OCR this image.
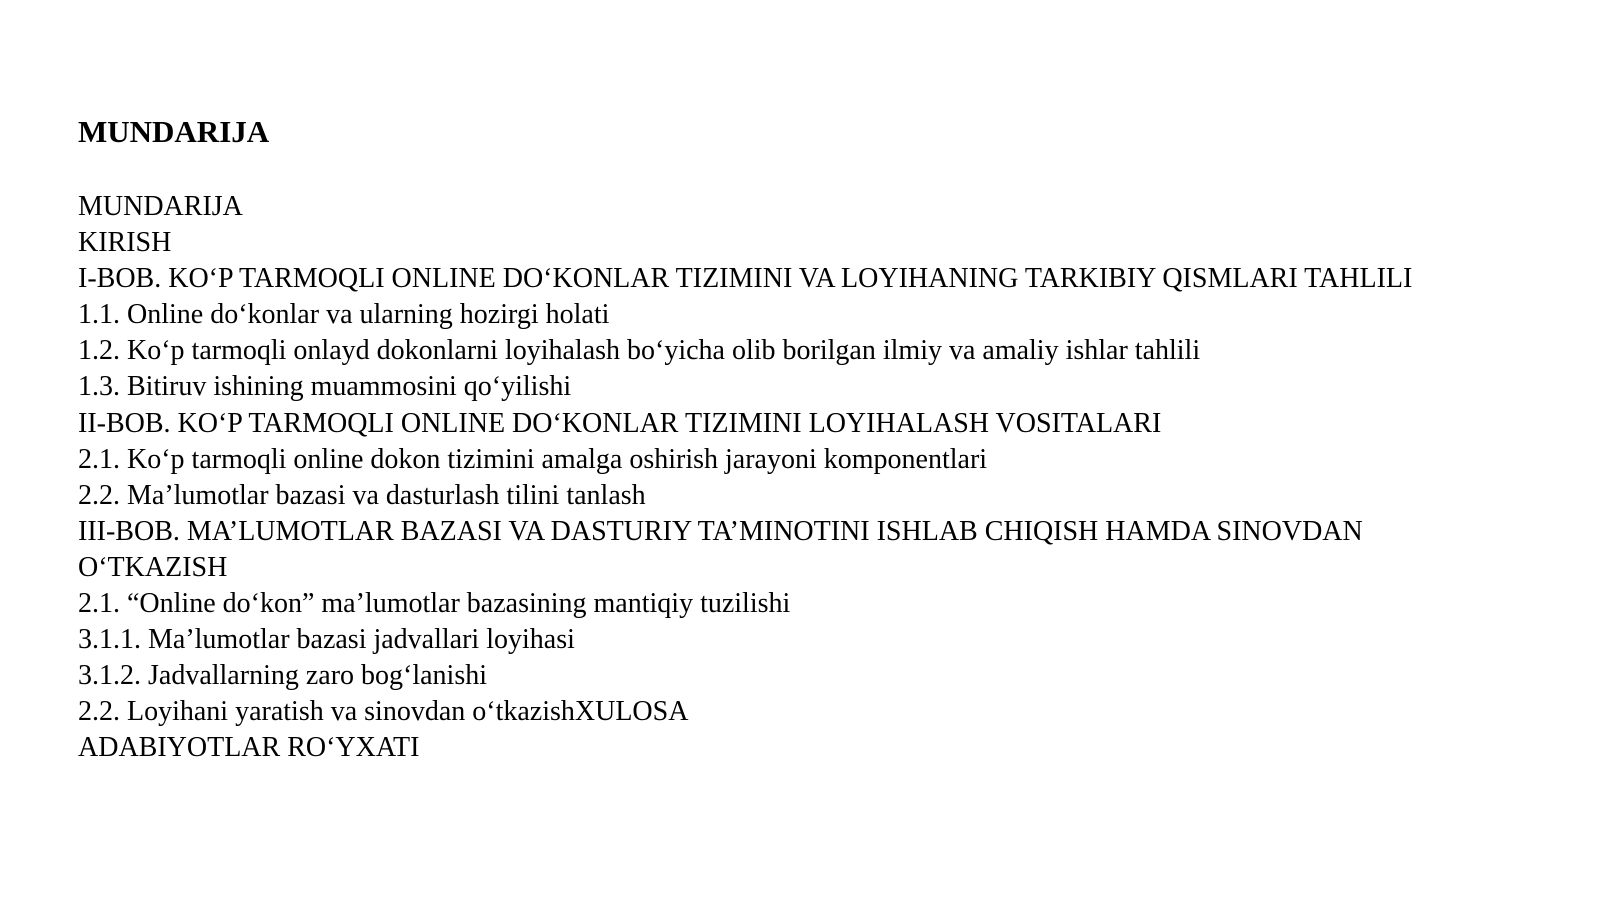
MUNDARIJA
MUNDARIJA
KIRISH
I-BOB. KO‘P TARMOQLI ONLINE DO‘KONLAR TIZIMINI VA LOYIHANING TARKIBIY QISMLARI TAHLILI
1.1. Online do‘konlar va ularning hozirgi holati
1.2. Ko‘p tarmoqli onlayd dokonlarni loyihalash bo‘yicha olib borilgan ilmiy va amaliy ishlar tahlili
1.3. Bitiruv ishining muammosini qo‘yilishi
II-BOB. KO‘P TARMOQLI ONLINE DO‘KONLAR TIZIMINI LOYIHALASH VOSITALARI
2.1. Ko‘p tarmoqli online dokon tizimini amalga oshirish jarayoni komponentlari
2.2. Ma’lumotlar bazasi va dasturlash tilini tanlash
III-BOB. MA’LUMOTLAR BAZASI VA DASTURIY TA’MINOTINI ISHLAB CHIQISH HAMDA SINOVDAN O‘TKAZISH
2.1. “Online do‘kon” ma’lumotlar bazasining mantiqiy tuzilishi
3.1.1. Ma’lumotlar bazasi jadvallari loyihasi
3.1.2. Jadvallarning zaro bog‘lanishi
2.2. Loyihani yaratish va sinovdan o‘tkazishXULOSA
ADABIYOTLAR RO‘YXATI
